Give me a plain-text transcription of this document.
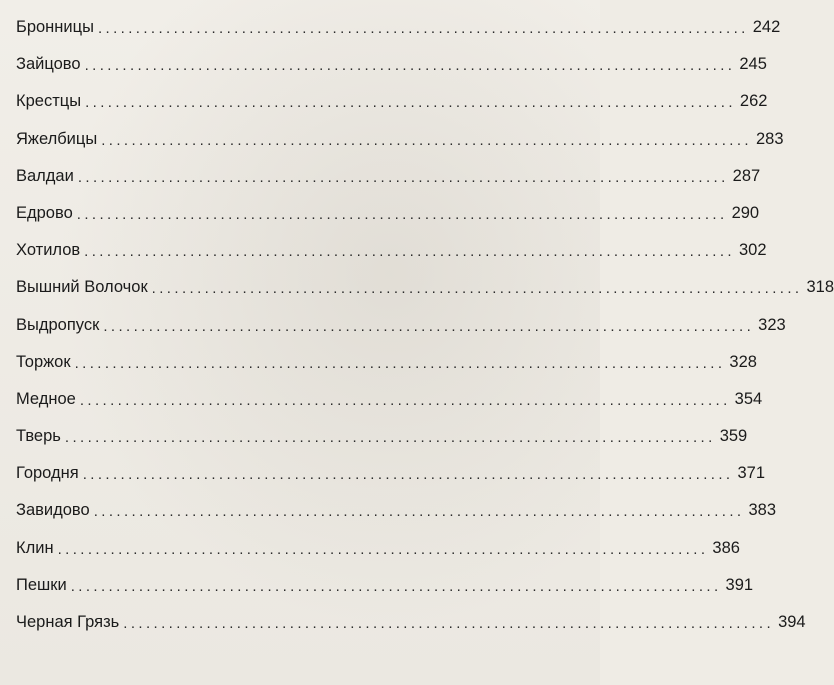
Бронницы ...................................................................................... 242
Зайцово ...................................................................................... 245
Крестцы ...................................................................................... 262
Яжелбицы ...................................................................................... 283
Валдаи ...................................................................................... 287
Едрово ...................................................................................... 290
Хотилов ...................................................................................... 302
Вышний Волочок ...................................................................................... 318
Выдропуск ...................................................................................... 323
Торжок ...................................................................................... 328
Медное ...................................................................................... 354
Тверь ...................................................................................... 359
Городня ...................................................................................... 371
Завидово ...................................................................................... 383
Клин ...................................................................................... 386
Пешки ...................................................................................... 391
Черная Грязь ...................................................................................... 394
